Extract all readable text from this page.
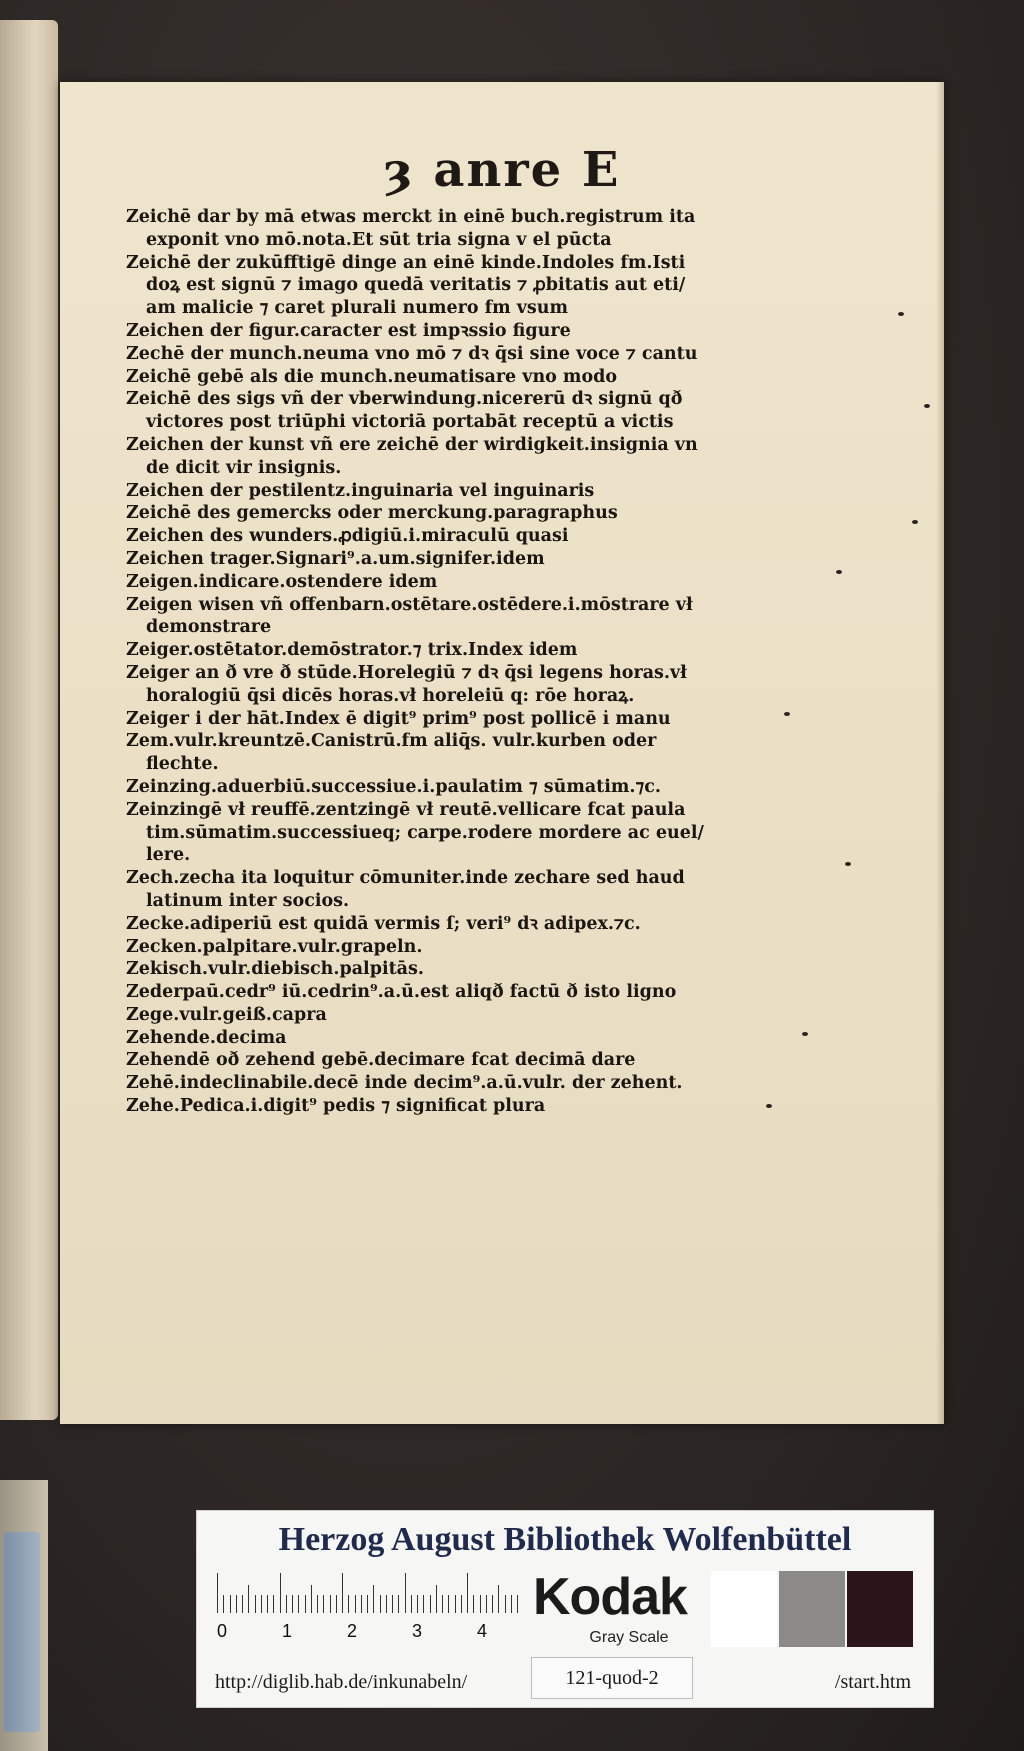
ȝ anre E
Zeichē dar by mā etwas merckt in einē buch.registrum ita
exponit vno mō.nota.Et sūt tria signa v el pūcta
Zeichē der zukūfftigē dinge an einē kinde.Indoles fm.Isti
doꝝ est signū ⁊ imago quedā veritatis ⁊ ꝓbitatis aut eti/
am malicie ⁊ caret plurali numero fm vsum
Zeichen der figur.caracter est impꝛssio figure
Zechē der munch.neuma vno mō ⁊ dꝛ q̄si sine voce ⁊ cantu
Zeichē gebē als die munch.neumatisare vno modo
Zeichē des sigs vñ der vberwindung.nicererū dꝛ signū qð
victores post triūphi victoriā portabāt receptū a victis
Zeichen der kunst vñ ere zeichē der wirdigkeit.insignia vn
de dicit vir insignis.
Zeichen der pestilentz.inguinaria vel inguinaris
Zeichē des gemercks oder merckung.paragraphus
Zeichen des wunders.ꝓdigiū.i.miraculū quasi
Zeichen trager.Signari⁹.a.um.signifer.idem
Zeigen.indicare.ostendere idem
Zeigen wisen vñ offenbarn.ostētare.ostēdere.i.mōstrare vł
demonstrare
Zeiger.ostētator.demōstrator.⁊ trix.Index idem
Zeiger an ð vre ð stūde.Horelegiū ⁊ dꝛ q̄si legens horas.vł
horalogiū q̄si dicēs horas.vł horeleiū q: rōe horaꝝ.
Zeiger i der hāt.Index ē digit⁹ prim⁹ post pollicē i̇ manu
Zem.vulr.kreuntzē.Canistrū.fm aliq̄s. vulr.kurben oder
flechte.
Zeinzing.aduerbiū.successiue.i.paulatim ⁊ sūmatim.⁊c.
Zeinzingē vł reuffē.zentzingē vł reutē.vellicare fcat paula
tim.sūmatim.successiueq; carpe.rodere mordere ac euel/
lere.
Zech.zecha ita loquitur cōmuniter.inde zechare sed haud
latinum inter socios.
Zecke.adiperiū est quidā vermis ſ; veri⁹ dꝛ adipex.⁊c.
Zecken.palpitare.vulr.grapeln.
Zekisch.vulr.diebisch.palpitās.
Zederpaū.cedr⁹ iū.cedrin⁹.a.ū.est aliqð factū ð isto ligno
Zege.vulr.geiß.capra
Zehende.decima
Zehendē oð zehend gebē.decimare fcat decimā dare
Zehē.indeclinabile.decē inde decim⁹.a.ū.vulr. der zehent.
Zehe.Pedica.i.digit⁹ pedis ⁊ significat plura
Herzog August Bibliothek Wolfenbüttel
0	1	2	3	4
Kodak
Gray Scale
http://diglib.hab.de/inkunabeln/	121-quod-2	/start.htm
